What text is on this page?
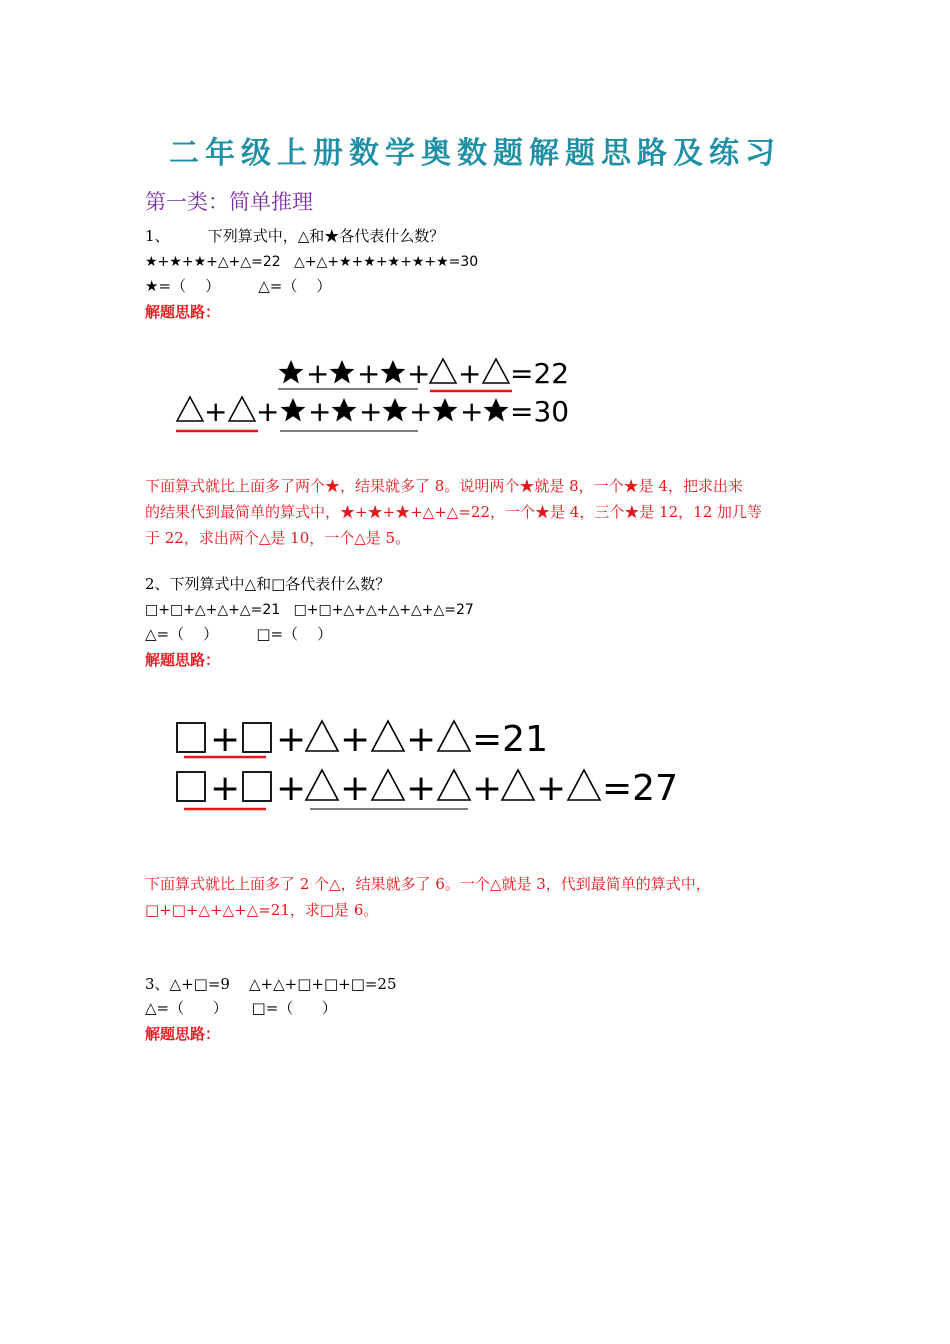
二年级上册数学奥数题解题思路及练习
第一类：简单推理
1、        下列算式中，△和★各代表什么数？
★+★+★+△+△=22   △+△+★+★+★+★+★=30
★=（    ）        △=（    ）
解题思路：
+ + + + =22
+ + + + + + =30
下面算式就比上面多了两个★，结果就多了 8。说明两个★就是 8，一个★是 4，把求出来
的结果代到最简单的算式中，★+★+★+△+△=22，一个★是 4，三个★是 12，12 加几等
于 22，求出两个△是 10，一个△是 5。
2、下列算式中△和□各代表什么数？
□+□+△+△+△=21   □+□+△+△+△+△+△=27
△=（    ）        □=（    ）
解题思路：
+ + + + =21
+ + + + + + =27
下面算式就比上面多了 2 个△，结果就多了 6。一个△就是 3，代到最简单的算式中，
□+□+△+△+△=21，求□是 6。
3、△+□=9    △+△+□+□+□=25
△=（      ）     □=（      ）
解题思路：
